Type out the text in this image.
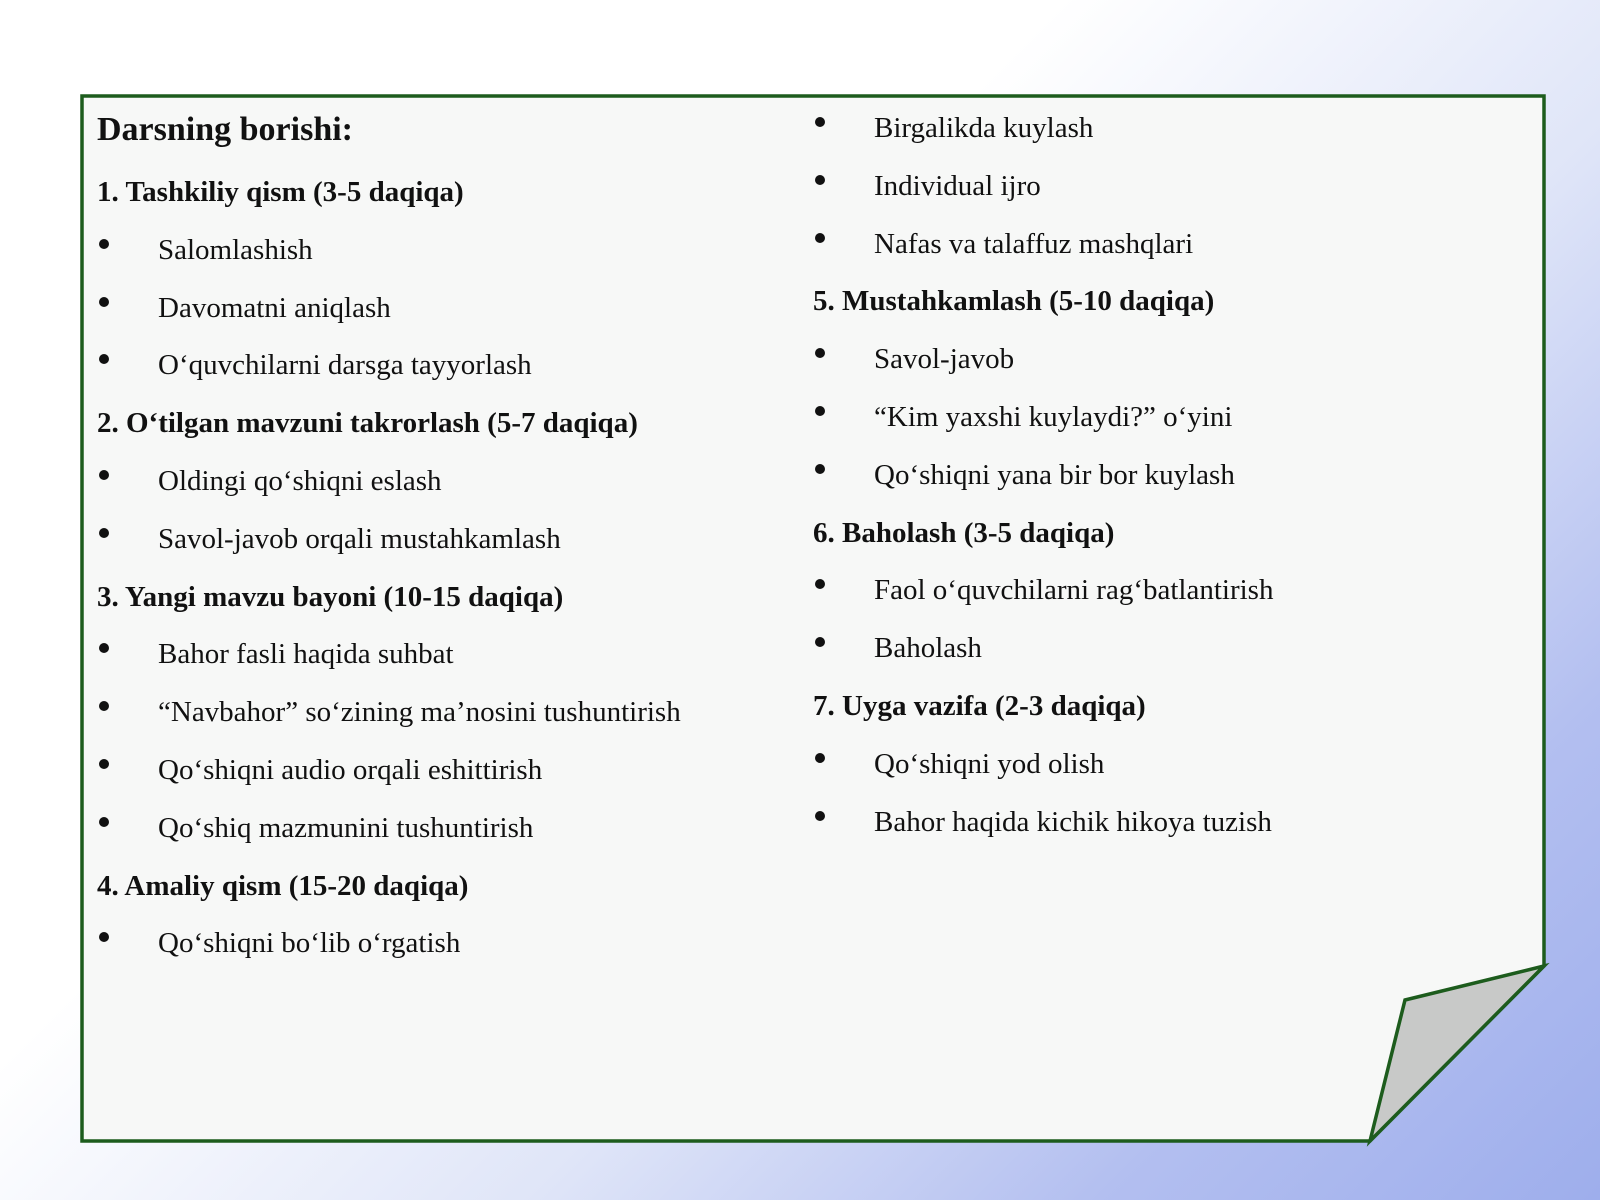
Darsning borishi:
1. Tashkiliy qism (3-5 daqiqa)
Salomlashish
Davomatni aniqlash
O‘quvchilarni darsga tayyorlash
2. O‘tilgan mavzuni takrorlash (5-7 daqiqa)
Oldingi qo‘shiqni eslash
Savol-javob orqali mustahkamlash
3. Yangi mavzu bayoni (10-15 daqiqa)
Bahor fasli haqida suhbat
“Navbahor” so‘zining ma’nosini tushuntirish
Qo‘shiqni audio orqali eshittirish
Qo‘shiq mazmunini tushuntirish
4. Amaliy qism (15-20 daqiqa)
Qo‘shiqni bo‘lib o‘rgatish
Birgalikda kuylash
Individual ijro
Nafas va talaffuz mashqlari
5. Mustahkamlash (5-10 daqiqa)
Savol-javob
“Kim yaxshi kuylaydi?” o‘yini
Qo‘shiqni yana bir bor kuylash
6. Baholash (3-5 daqiqa)
Faol o‘quvchilarni rag‘batlantirish
Baholash
7. Uyga vazifa (2-3 daqiqa)
Qo‘shiqni yod olish
Bahor haqida kichik hikoya tuzish
